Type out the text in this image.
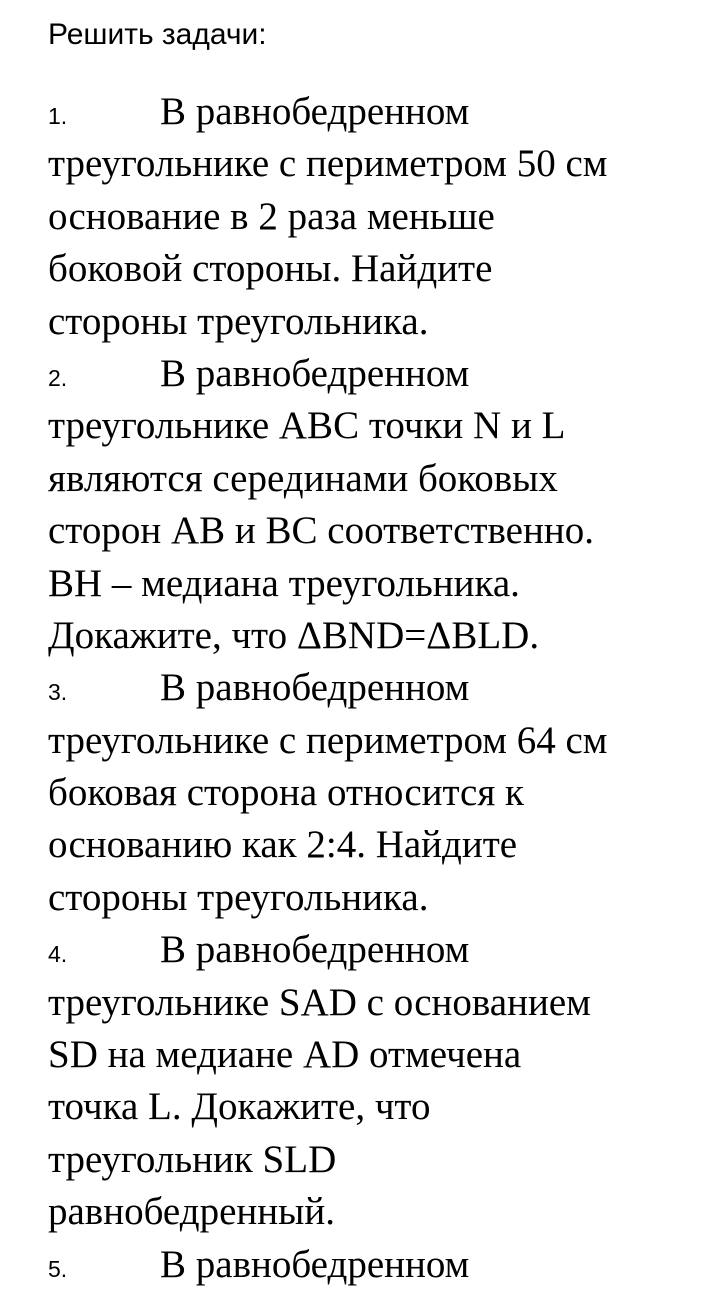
Решить задачи:
1. В равнобедренном
треугольнике с периметром 50 см
основание в 2 раза меньше
боковой стороны. Найдите
стороны треугольника.
2. В равнобедренном
треугольнике ABC точки N и L
являются серединами боковых
сторон AB и BC соответственно.
BH – медиана треугольника.
Докажите, что ΔBND=ΔBLD.
3. В равнобедренном
треугольнике с периметром 64 см
боковая сторона относится к
основанию как 2:4. Найдите
стороны треугольника.
4. В равнобедренном
треугольнике SAD с основанием
SD на медиане AD отмечена
точка L. Докажите, что
треугольник SLD
равнобедренный.
5. В равнобедренном
